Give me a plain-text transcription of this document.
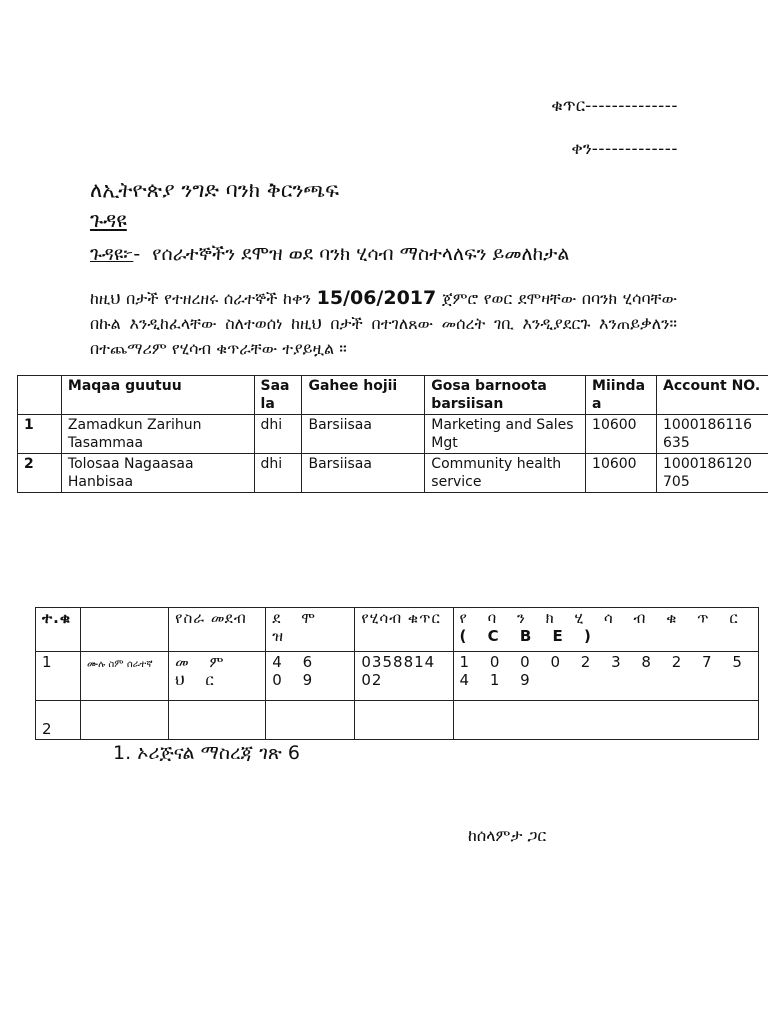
ቁጥር--------------
ቀን-------------
ለኢትዮጵያ ንግድ ባንክ ቅርንጫፍ
ጉዳዩ
ጉዳዩ፦- የሰራተኞችን ደሞዝ ወደ ባንክ ሂሳብ ማስተላለፍን ይመለከታል
ከዚህ በታች የተዘረዘሩ ሰራተኞች ከቀን 15/06/2017 ጀምሮ የወር ደሞዛቸው በባንክ ሂሳባቸው በኩል እንዲከፈላቸው ስለተወሰነ ከዚህ በታች በተገለጸው መሰረት ገቢ እንዲያደርጉ እንጠይቃለን። በተጨማሪም የሂሳብ ቁጥራቸው ተያይዟል ።
	Maqaa guutuu	Saa la	Gahee hojii	Gosa barnoota barsiisan	Miinda a	Account NO.
1	Zamadkun Zarihun Tasammaa	dhi	Barsiisaa	Marketing and Sales Mgt	10600	1000186116 635
2	Tolosaa Nagaasaa Hanbisaa	dhi	Barsiisaa	Community health service	10600	1000186120 705
ተ.ቁ		የስራ መደብ	ደ ሞ ዝ	የሂሳብ ቁጥር	የ ባ ን ክ ሂ ሳ ብ ቁ ጥ ር
( C B E )

1	ሙሉ ስም ሰራተኛ	መ ም ህ ር	4 6 0 9	0358814 02	1 0 0 0 2 3 8 2 7 5 4 1 9
2					
1. ኦሪጅናል ማስረጃ ገጽ 6
ከሰላምታ ጋር
